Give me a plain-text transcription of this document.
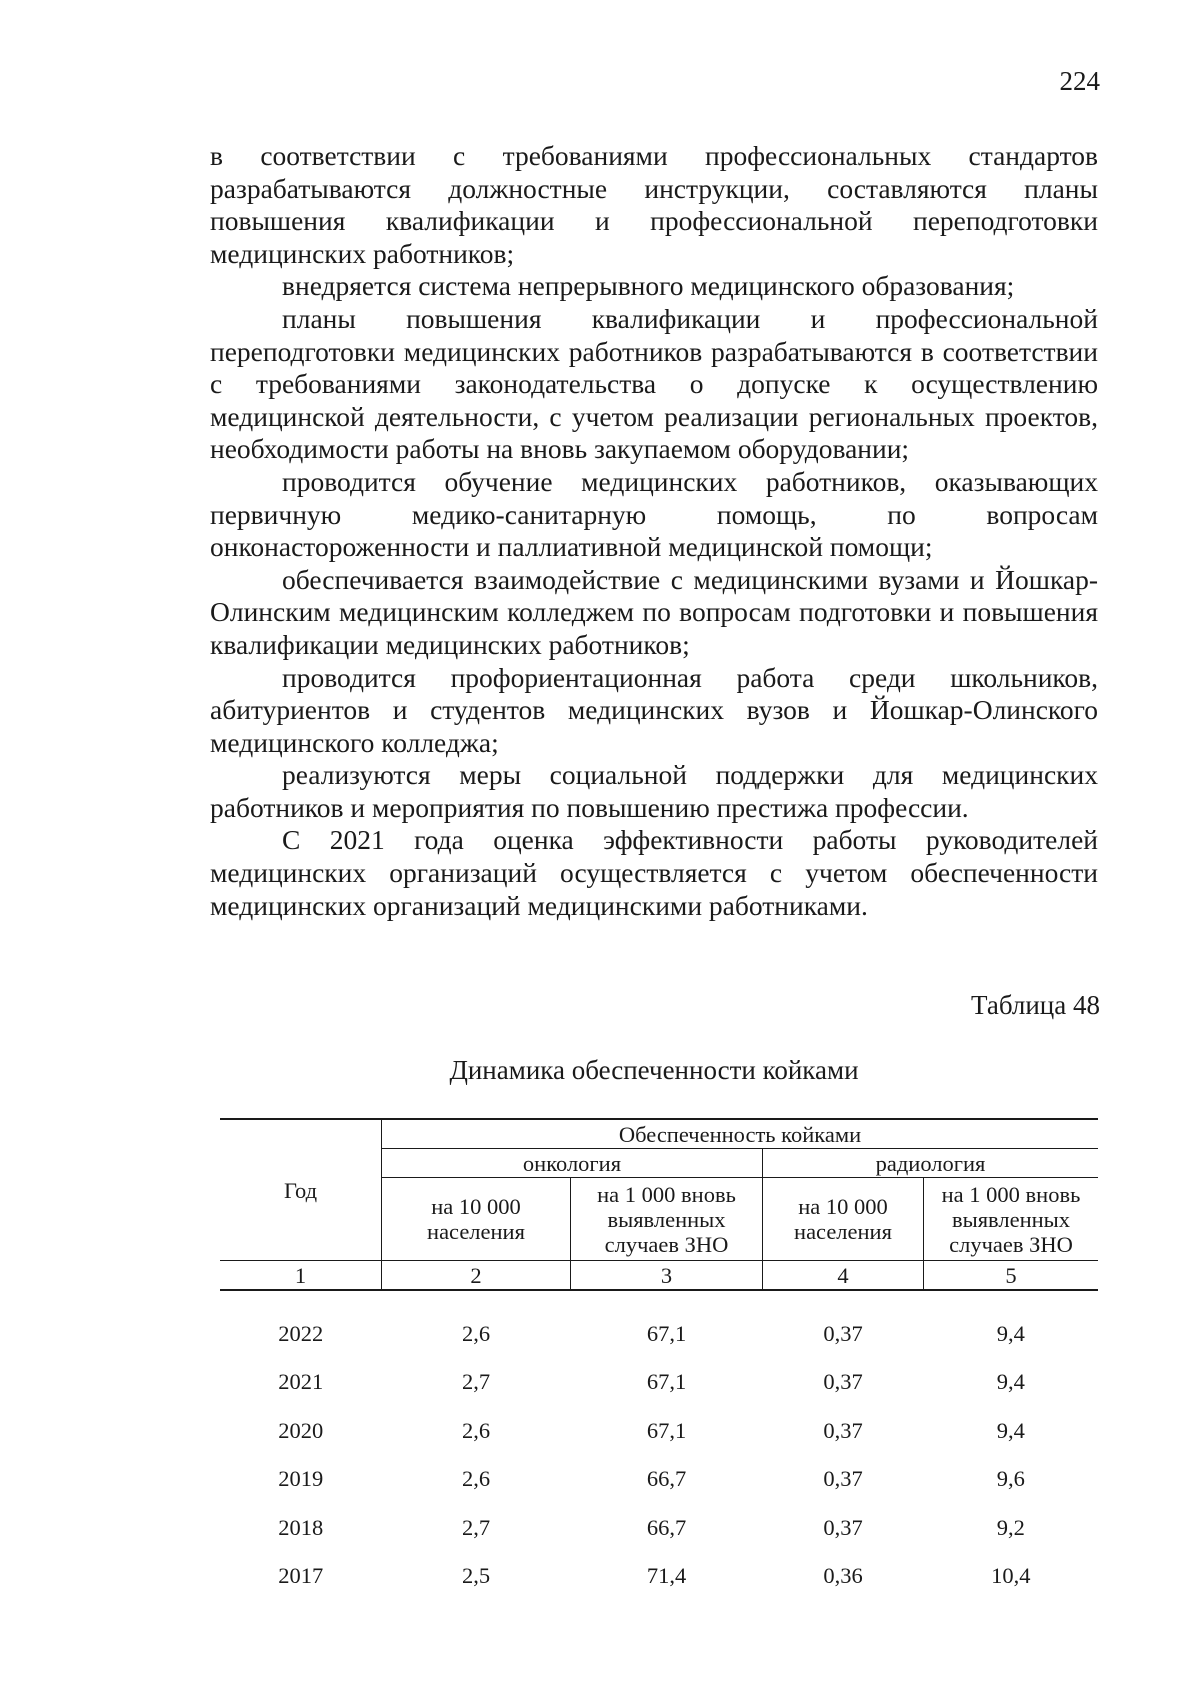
224

в соответствии с требованиями профессиональных стандартов разрабатываются должностные инструкции, составляются планы повышения квалификации и профессиональной переподготовки медицинских работников;

внедряется система непрерывного медицинского образования;

планы повышения квалификации и профессиональной переподготовки медицинских работников разрабатываются в соответствии с требованиями законодательства о допуске к осуществлению медицинской деятельности, с учетом реализации региональных проектов, необходимости работы на вновь закупаемом оборудовании;

проводится обучение медицинских работников, оказывающих первичную медико-санитарную помощь, по вопросам онконастороженности и паллиативной медицинской помощи;

обеспечивается взаимодействие с медицинскими вузами и Йошкар-Олинским медицинским колледжем по вопросам подготовки и повышения квалификации медицинских работников;

проводится профориентационная работа среди школьников, абитуриентов и студентов медицинских вузов и Йошкар-Олинского медицинского колледжа;

реализуются меры социальной поддержки для медицинских работников и мероприятия по повышению престижа профессии.

С 2021 года оценка эффективности работы руководителей медицинских организаций осуществляется с учетом обеспеченности медицинских организаций медицинскими работниками.

Таблица 48
Динамика обеспеченности койками
Год	Обеспеченность койками			
	онкология		радиология	
	на 10 000 населения	на 1 000 вновь выявленных случаев ЗНО	на 10 000 населения	на 1 000 вновь выявленных случаев ЗНО
1	2	3	4	5
2022	2,6	67,1	0,37	9,4
2021	2,7	67,1	0,37	9,4
2020	2,6	67,1	0,37	9,4
2019	2,6	66,7	0,37	9,6
2018	2,7	66,7	0,37	9,2
2017	2,5	71,4	0,36	10,4
